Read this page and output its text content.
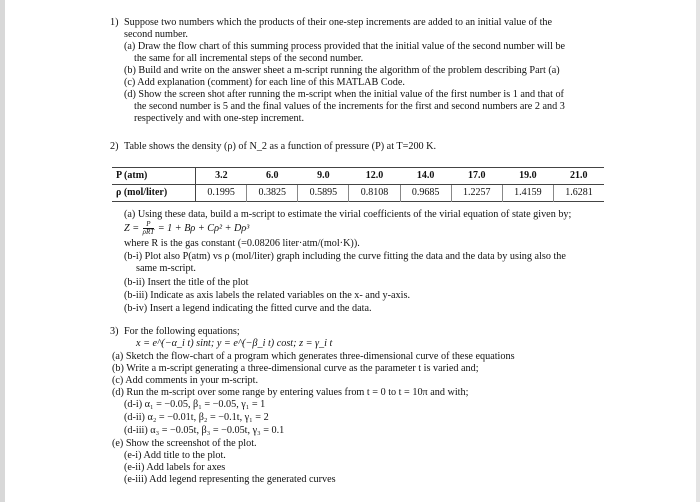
1) Suppose two numbers which the products of their one-step increments are added to an initial value of the
second number.
(a) Draw the flow chart of this summing process provided that the initial value of the second number will be
the same for all incremental steps of the second number.
(b) Build and write on the answer sheet a m-script running the algorithm of the problem describing Part (a)
(c) Add explanation (comment) for each line of this MATLAB Code.
(d) Show the screen shot after running the m-script when the initial value of the first number is 1 and that of
the second number is 5 and the final values of the increments for the first and second numbers are 2 and 3
respectively and with one-step increment.
2) Table shows the density (ρ) of N_2 as a function of pressure (P) at T=200 K.
P (atm)	3.2	6.0	9.0	12.0	14.0	17.0	19.0	21.0
ρ (mol/liter)	0.1995	0.3825	0.5895	0.8108	0.9685	1.2257	1.4159	1.6281
(a) Using these data, build a m-script to estimate the virial coefficients of the virial equation of state given by;
$Z = \frac{P}{\text{ρRT}} = 1 + B\rho + C\rho^2 + D\rho^3$
where R is the gas constant (=0.08206 liter·atm/(mol·K)).
(b-i) Plot also P(atm) vs ρ (mol/liter) graph including the curve fitting the data and the data by using also the
same m-script.
(b-ii) Insert the title of the plot
(b-iii) Indicate as axis labels the related variables on the x- and y-axis.
(b-iv) Insert a legend indicating the fitted curve and the data.
3) For the following equations;
x = e^(−α_i t) sint; y = e^(−β_i t) cost; z = γ_i t
(a) Sketch the flow-chart of a program which generates three-dimensional curve of these equations
(b) Write a m-script generating a three-dimensional curve as the parameter t is varied and;
(c) Add comments in your m-script.
(d) Run the m-script over some range by entering values from t = 0 to t = 10π and with;
(d-i) α₁ = −0.05, β₁ = −0.05, γ₁ = 1
(d-ii) α₂ = −0.01t, β₂ = −0.1t, γ₁ = 2
(d-iii) α₃ = −0.05t, β₃ = −0.05t, γ₃ = 0.1
(e) Show the screenshot of the plot.
(e-i) Add title to the plot.
(e-ii) Add labels for axes
(e-iii) Add legend representing the generated curves
